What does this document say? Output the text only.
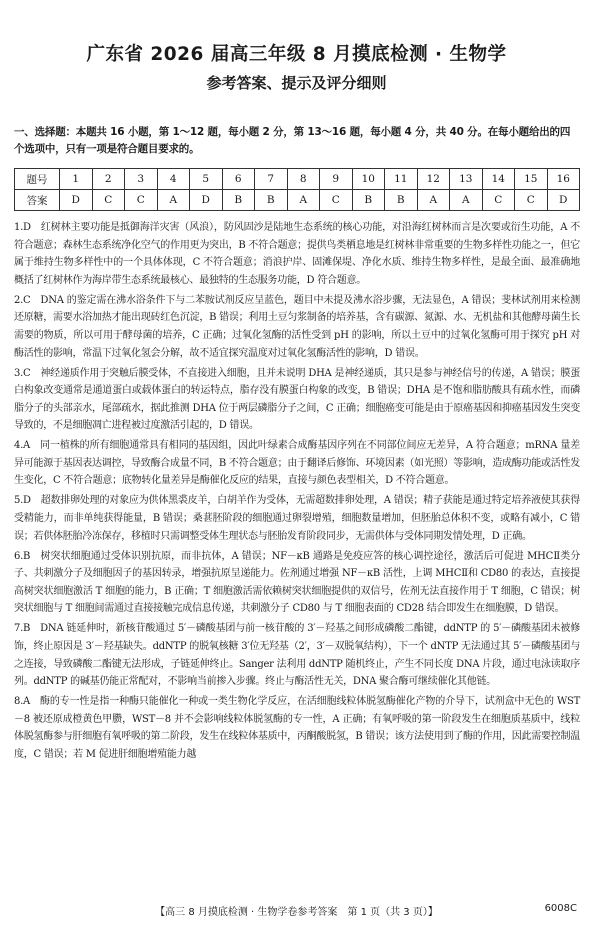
广东省 2026 届高三年级 8 月摸底检测 · 生物学
参考答案、提示及评分细则
一、选择题：本题共 16 小题，第 1～12 题，每小题 2 分，第 13～16 题，每小题 4 分，共 40 分。在每小题给出的四个选项中，只有一项是符合题目要求的。
题号	1	2	3	4	5	6	7	8	9	10	11	12	13	14	15	16
答案	D	C	C	A	D	B	B	A	C	B	B	A	A	C	C	D

1.D　红树林主要功能是抵御海洋灾害（风浪），防风固沙是陆地生态系统的核心功能，对沿海红树林而言是次要或衍生功能，A 不符合题意；森林生态系统净化空气的作用更为突出，B 不符合题意；提供鸟类栖息地是红树林非常重要的生物多样性功能之一，但它属于维持生物多样性中的一个具体体现，C 不符合题意；消浪护岸、固滩保堤、净化水质、维持生物多样性，是最全面、最准确地概括了红树林作为海岸带生态系统最核心、最独特的生态服务功能，D 符合题意。

2.C　DNA 的鉴定需在沸水浴条件下与二苯胺试剂反应呈蓝色，题目中未提及沸水浴步骤，无法显色，A 错误；斐林试剂用来检测还原糖，需要水浴加热才能出现砖红色沉淀，B 错误；利用土豆匀浆制备的培养基，含有碳源、氮源、水、无机盐和其他酵母菌生长需要的物质，所以可用于酵母菌的培养，C 正确；过氧化氢酶的活性受到 pH 的影响，所以土豆中的过氧化氢酶可用于探究 pH 对酶活性的影响，常温下过氧化氢会分解，故不适宜探究温度对过氧化氢酶活性的影响，D 错误。

3.C　神经递质作用于突触后膜受体，不直接进入细胞，且并未说明 DHA 是神经递质，其只是参与神经信号的传递，A 错误；膜蛋白构象改变通常是通道蛋白或载体蛋白的转运特点，脂存没有膜蛋白构象的改变，B 错误；DHA 是不饱和脂肪酸具有疏水性，而磷脂分子的头部亲水，尾部疏水，据此推测 DHA 位于两层磷脂分子之间，C 正确；细胞癌变可能是由于原癌基因和抑癌基因发生突变导致的，不是细胞凋亡进程被过度激活引起的，D 错误。

4.A　同一植株的所有细胞通常具有相同的基因组，因此叶绿素合成酶基因序列在不同部位间应无差异，A 符合题意；mRNA 量差异可能源于基因表达调控，导致酶合成量不同，B 不符合题意；由于翻译后修饰、环境因素（如光照）等影响，造成酶功能或活性发生变化，C 不符合题意；底物转化量差异是酶催化反应的结果，直接与颜色表型相关，D 不符合题意。

5.D　超数排卵处理的对象应为供体黑裘皮羊，白胡羊作为受体，无需超数排卵处理，A 错误；精子获能是通过特定培养液使其获得受精能力，而非单纯获得能量，B 错误；桑葚胚阶段的细胞通过卵裂增殖，细胞数量增加，但胚胎总体积不变，或略有减小，C 错误；若供体胚胎冷冻保存，移植时只需调整受体生理状态与胚胎发育阶段同步，无需供体与受体同期发情处理，D 正确。

6.B　树突状细胞通过受体识别抗原，而非抗体，A 错误；NF－κB 通路是免疫应答的核心调控途径，激活后可促进 MHCⅡ类分子、共刺激分子及细胞因子的基因转录，增强抗原呈递能力。佐剂通过增强 NF－κB 活性，上调 MHCⅡ和 CD80 的表达，直接提高树突状细胞激活 T 细胞的能力，B 正确；T 细胞激活需依赖树突状细胞提供的双信号，佐剂无法直接作用于 T 细胞，C 错误；树突状细胞与 T 细胞间需通过直接接触完成信息传递，共刺激分子 CD80 与 T 细胞表面的 CD28 结合即发生在细胞膜，D 错误。

7.B　DNA 链延伸时，新核苷酸通过 5′－磷酸基团与前一核苷酸的 3′－羟基之间形成磷酸二酯键，ddNTP 的 5′－磷酸基团未被修饰，终止原因是 3′－羟基缺失。ddNTP 的脱氧核糖 3′位无羟基（2′，3′－双脱氧结构），下一个 dNTP 无法通过其 5′－磷酸基团与之连接，导致磷酸二酯键无法形成，子链延伸终止。Sanger 法利用 ddNTP 随机终止，产生不同长度 DNA 片段，通过电泳读取序列。ddNTP 的碱基仍能正常配对，不影响当前掺入步骤。终止与酶活性无关，DNA 聚合酶可继续催化其他链。

8.A　酶的专一性是指一种酶只能催化一种或一类生物化学反应，在活细胞线粒体脱氢酶催化产物的介导下，试剂盒中无色的 WST－8 被还原成橙黄色甲臜，WST－8 并不会影响线粒体脱氢酶的专一性，A 正确；有氧呼吸的第一阶段发生在细胞质基质中，线粒体脱氢酶参与肝细胞有氧呼吸的第二阶段，发生在线粒体基质中，丙酮酸脱氢，B 错误；该方法使用到了酶的作用，因此需要控制温度，C 错误；若 M 促进肝细胞增殖能力越

【高三 8 月摸底检测 · 生物学卷参考答案　第 1 页（共 3 页）】	6008C
